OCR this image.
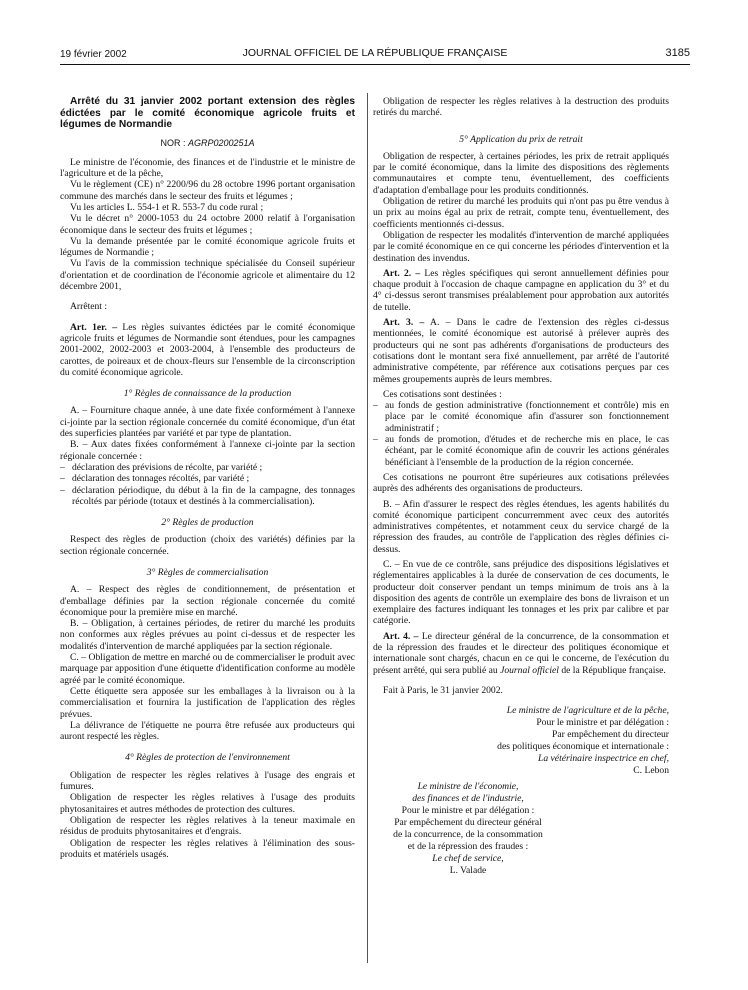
19 février 2002	JOURNAL OFFICIEL DE LA RÉPUBLIQUE FRANÇAISE	3185

Arrêté du 31 janvier 2002 portant extension des règles édictées par le comité économique agricole fruits et légumes de Normandie

NOR : AGRP0200251A

Le ministre de l'économie, des finances et de l'industrie et le ministre de l'agriculture et de la pêche,

Vu le règlement (CE) n° 2200/96 du 28 octobre 1996 portant organisation commune des marchés dans le secteur des fruits et légumes ;

Vu les articles L. 554-1 et R. 553-7 du code rural ;

Vu le décret n° 2000-1053 du 24 octobre 2000 relatif à l'organisation économique dans le secteur des fruits et légumes ;

Vu la demande présentée par le comité économique agricole fruits et légumes de Normandie ;

Vu l'avis de la commission technique spécialisée du Conseil supérieur d'orientation et de coordination de l'économie agricole et alimentaire du 12 décembre 2001,

Arrêtent :

Art. 1er. – Les règles suivantes édictées par le comité économique agricole fruits et légumes de Normandie sont étendues, pour les campagnes 2001-2002, 2002-2003 et 2003-2004, à l'ensemble des producteurs de carottes, de poireaux et de choux-fleurs sur l'ensemble de la circonscription du comité économique agricole.

1° Règles de connaissance de la production

A. – Fourniture chaque année, à une date fixée conformément à l'annexe ci-jointe par la section régionale concernée du comité économique, d'un état des superficies plantées par variété et par type de plantation.

B. – Aux dates fixées conformément à l'annexe ci-jointe par la section régionale concernée :

– déclaration des prévisions de récolte, par variété ;
– déclaration des tonnages récoltés, par variété ;
– déclaration périodique, du début à la fin de la campagne, des tonnages récoltés par période (totaux et destinés à la commercialisation).

2° Règles de production

Respect des règles de production (choix des variétés) définies par la section régionale concernée.

3° Règles de commercialisation

A. – Respect des règles de conditionnement, de présentation et d'emballage définies par la section régionale concernée du comité économique pour la première mise en marché.

B. – Obligation, à certaines périodes, de retirer du marché les produits non conformes aux règles prévues au point ci-dessus et de respecter les modalités d'intervention de marché appliquées par la section régionale.

C. – Obligation de mettre en marché ou de commercialiser le produit avec marquage par apposition d'une étiquette d'identification conforme au modèle agréé par le comité économique.

Cette étiquette sera apposée sur les emballages à la livraison ou à la commercialisation et fournira la justification de l'application des règles prévues.

La délivrance de l'étiquette ne pourra être refusée aux producteurs qui auront respecté les règles.

4° Règles de protection de l'environnement

Obligation de respecter les règles relatives à l'usage des engrais et fumures.

Obligation de respecter les règles relatives à l'usage des produits phytosanitaires et autres méthodes de protection des cultures.

Obligation de respecter les règles relatives à la teneur maximale en résidus de produits phytosanitaires et d'engrais.

Obligation de respecter les règles relatives à l'élimination des sous-produits et matériels usagés.

Obligation de respecter les règles relatives à la destruction des produits retirés du marché.

5° Application du prix de retrait

Obligation de respecter, à certaines périodes, les prix de retrait appliqués par le comité économique, dans la limite des dispositions des règlements communautaires et compte tenu, éventuellement, des coefficients d'adaptation d'emballage pour les produits conditionnés.

Obligation de retirer du marché les produits qui n'ont pas pu être vendus à un prix au moins égal au prix de retrait, compte tenu, éventuellement, des coefficients mentionnés ci-dessus.

Obligation de respecter les modalités d'intervention de marché appliquées par le comité économique en ce qui concerne les périodes d'intervention et la destination des invendus.

Art. 2. – Les règles spécifiques qui seront annuellement définies pour chaque produit à l'occasion de chaque campagne en application du 3° et du 4° ci-dessus seront transmises préalablement pour approbation aux autorités de tutelle.

Art. 3. – A. – Dans le cadre de l'extension des règles ci-dessus mentionnées, le comité économique est autorisé à prélever auprès des producteurs qui ne sont pas adhérents d'organisations de producteurs des cotisations dont le montant sera fixé annuellement, par arrêté de l'autorité administrative compétente, par référence aux cotisations perçues par ces mêmes groupements auprès de leurs membres.

Ces cotisations sont destinées :

– au fonds de gestion administrative (fonctionnement et contrôle) mis en place par le comité économique afin d'assurer son fonctionnement administratif ;
– au fonds de promotion, d'études et de recherche mis en place, le cas échéant, par le comité économique afin de couvrir les actions générales bénéficiant à l'ensemble de la production de la région concernée.

Ces cotisations ne pourront être supérieures aux cotisations prélevées auprès des adhérents des organisations de producteurs.

B. – Afin d'assurer le respect des règles étendues, les agents habilités du comité économique participent concurremment avec ceux des autorités administratives compétentes, et notamment ceux du service chargé de la répression des fraudes, au contrôle de l'application des règles définies ci-dessus.

C. – En vue de ce contrôle, sans préjudice des dispositions législatives et réglementaires applicables à la durée de conservation de ces documents, le producteur doit conserver pendant un temps minimum de trois ans à la disposition des agents de contrôle un exemplaire des bons de livraison et un exemplaire des factures indiquant les tonnages et les prix par calibre et par catégorie.

Art. 4. – Le directeur général de la concurrence, de la consommation et de la répression des fraudes et le directeur des politiques économique et internationale sont chargés, chacun en ce qui le concerne, de l'exécution du présent arrêté, qui sera publié au Journal officiel de la République française.

Fait à Paris, le 31 janvier 2002.

Le ministre de l'agriculture et de la pêche,

Pour le ministre et par délégation :

Par empêchement du directeur

des politiques économique et internationale :

La vétérinaire inspectrice en chef,

C. Lebon

Le ministre de l'économie,
des finances et de l'industrie,
Pour le ministre et par délégation :
Par empêchement du directeur général
de la concurrence, de la consommation
et de la répression des fraudes :
Le chef de service,
L. Valade
